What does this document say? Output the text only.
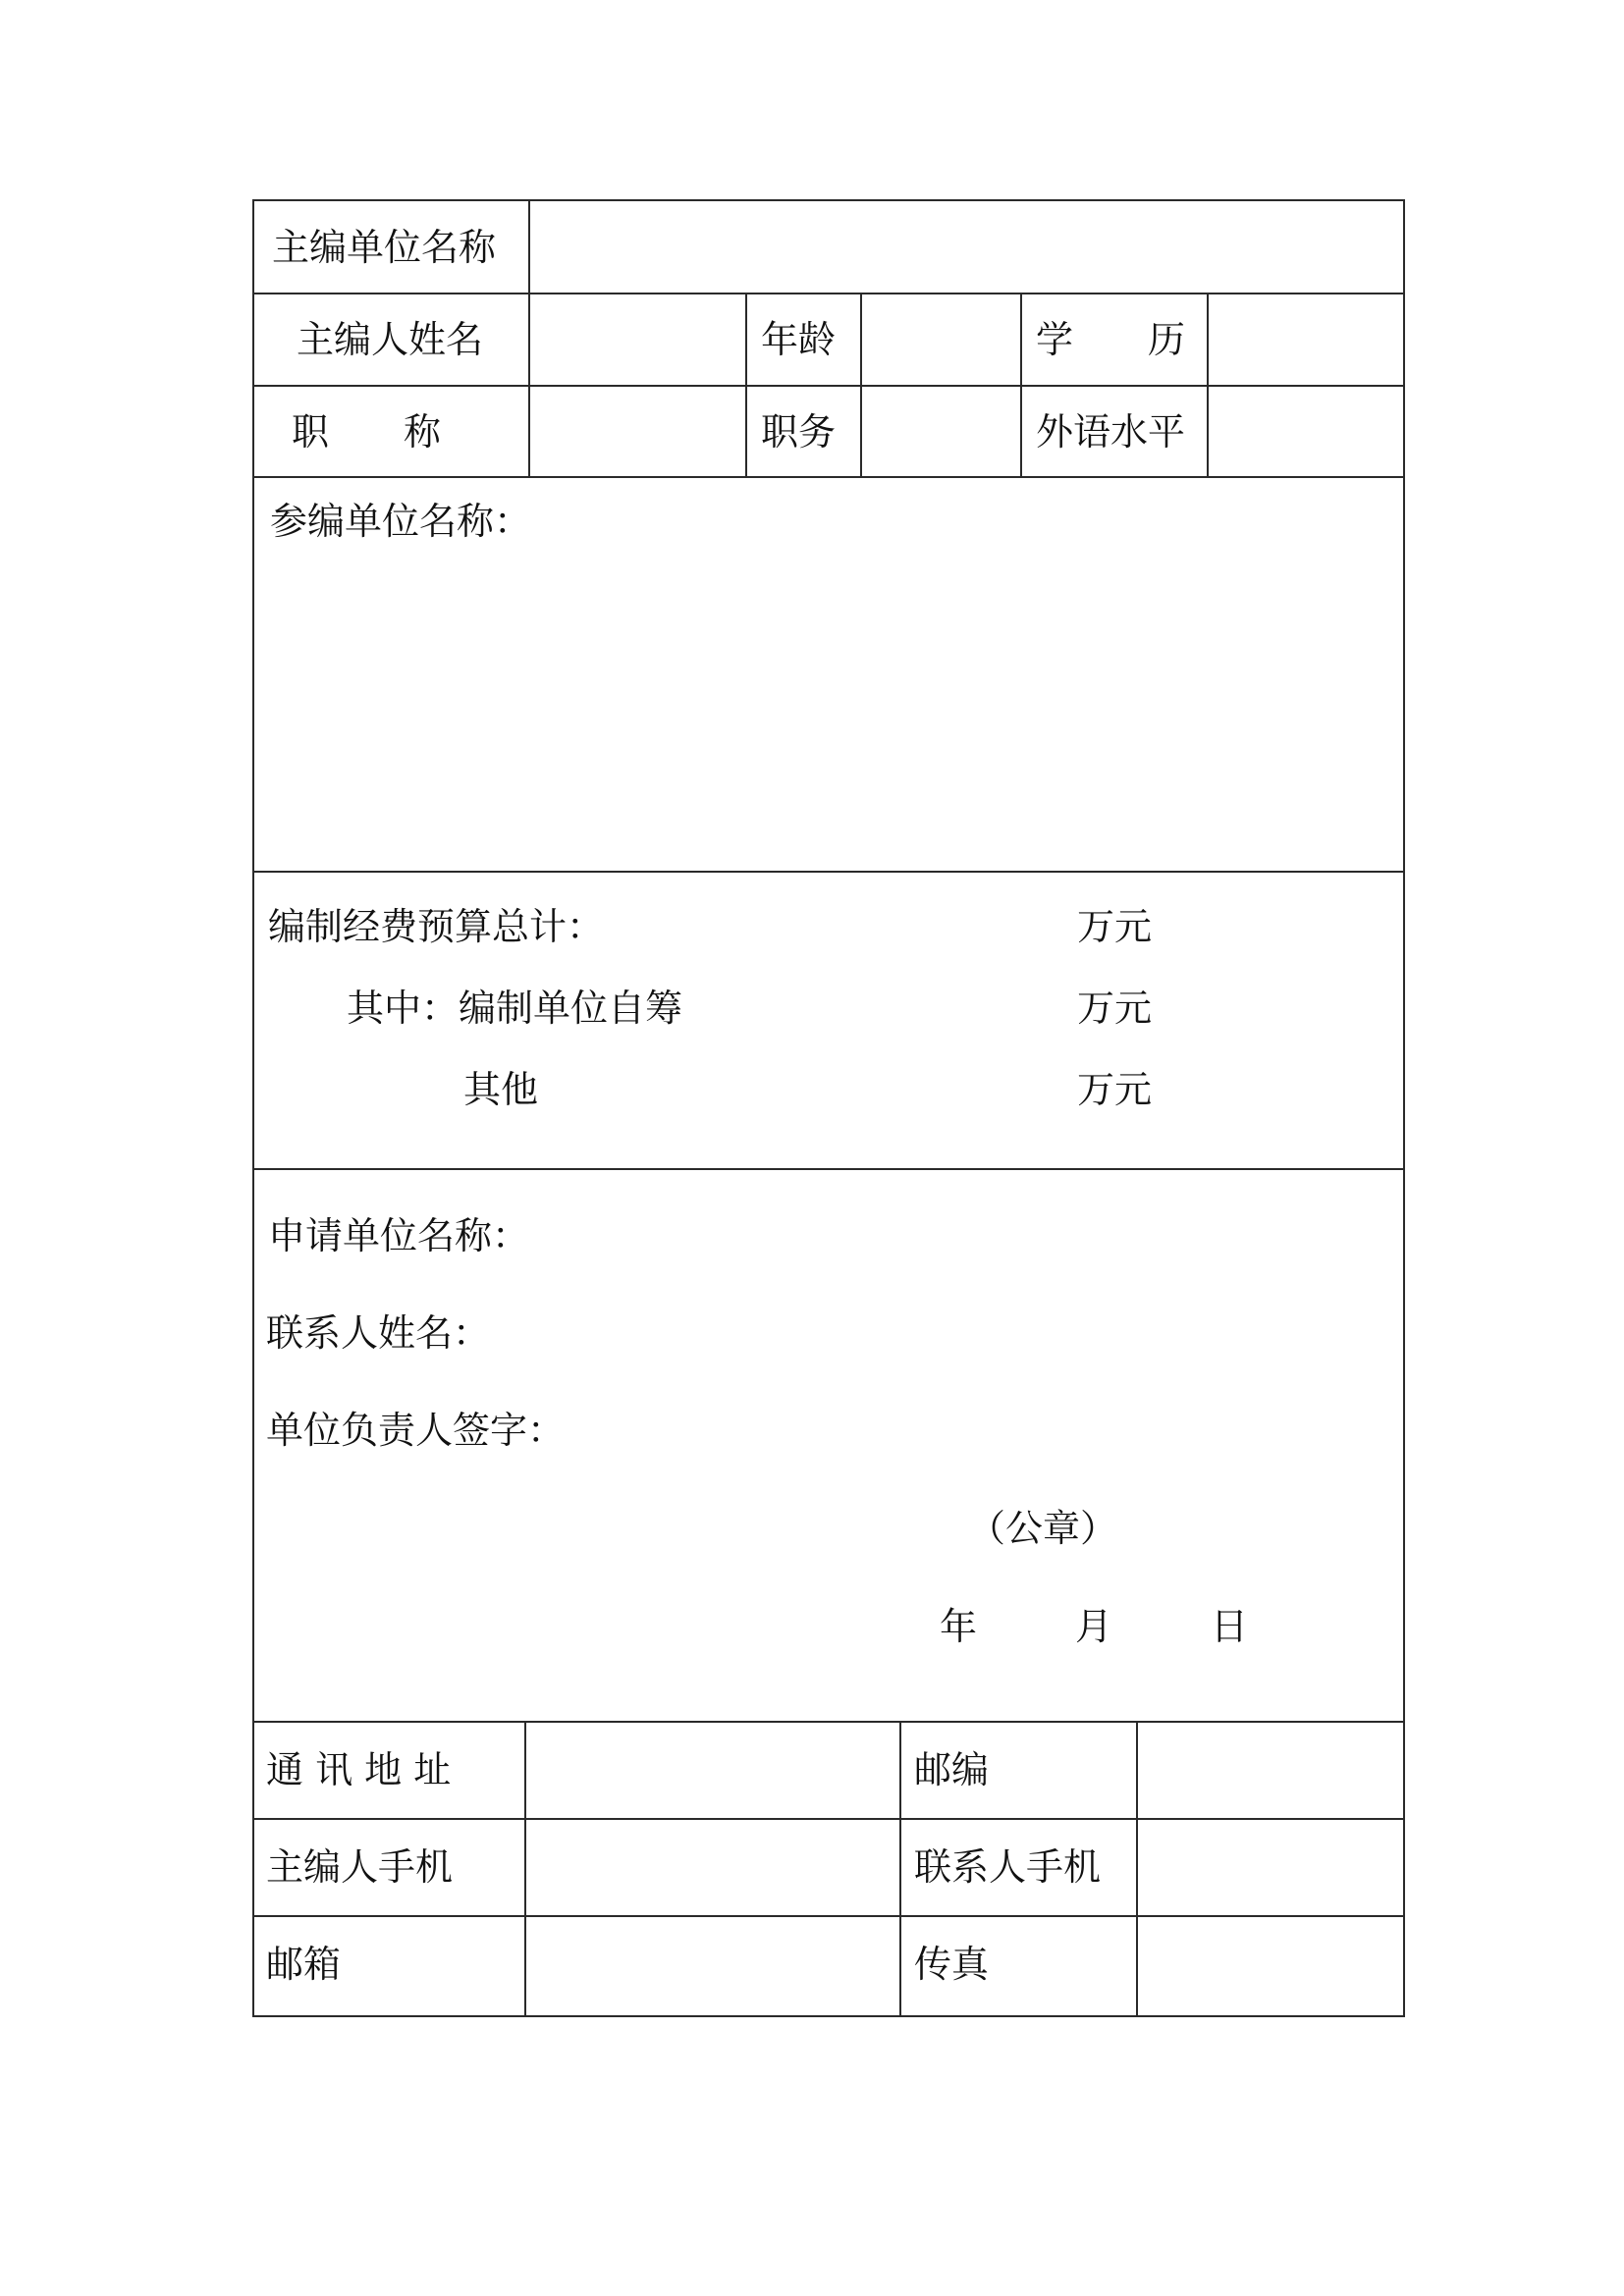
主编单位名称
主编人姓名	年龄	学　　历
职　　称	职务	外语水平
参编单位名称：
编制经费预算总计：	万元
其中：编制单位自筹	万元
其他	万元
申请单位名称：
联系人姓名：
单位负责人签字：
（公章）
年	月	日
通 讯 地 址	邮编
主编人手机	联系人手机
邮箱	传真
